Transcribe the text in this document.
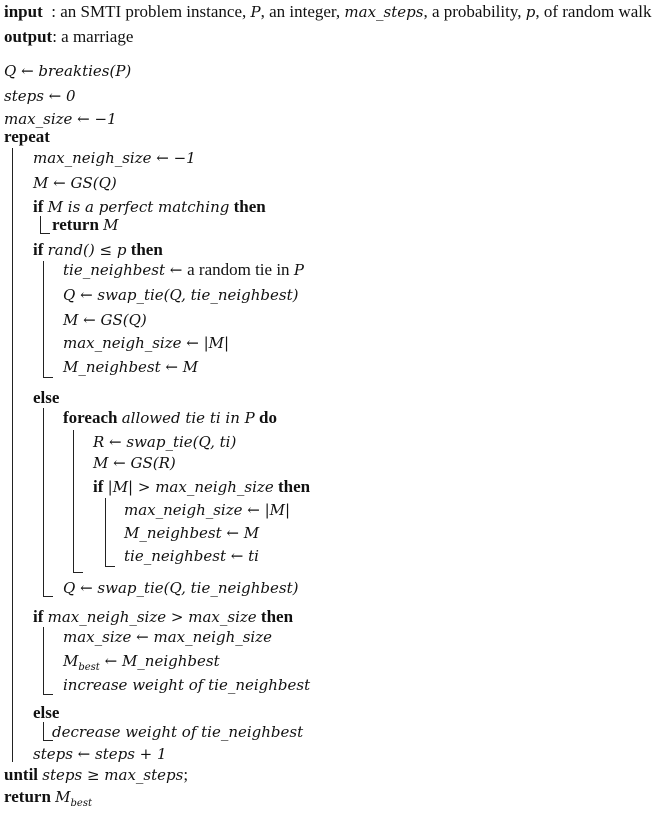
input  : an SMTI problem instance, P, an integer, max_steps, a probability, p, of random walk
output: a marriage
Q ← breakties(P)
steps ← 0
max_size ← −1
repeat
max_neigh_size ← −1
M ← GS(Q)
if M is a perfect matching then
return M
if rand() ≤ p then
tie_neighbest ← a random tie in P
Q ← swap_tie(Q, tie_neighbest)
M ← GS(Q)
max_neigh_size ← |M|
M_neighbest ← M
else
foreach allowed tie ti in P do
R ← swap_tie(Q, ti)
M ← GS(R)
if |M| > max_neigh_size then
max_neigh_size ← |M|
M_neighbest ← M
tie_neighbest ← ti
Q ← swap_tie(Q, tie_neighbest)
if max_neigh_size > max_size then
max_size ← max_neigh_size
$M_{best}$ ← M_neighbest
increase weight of tie_neighbest
else
decrease weight of tie_neighbest
steps ← steps + 1
until steps ≥ max_steps;
return $M_{best}$
